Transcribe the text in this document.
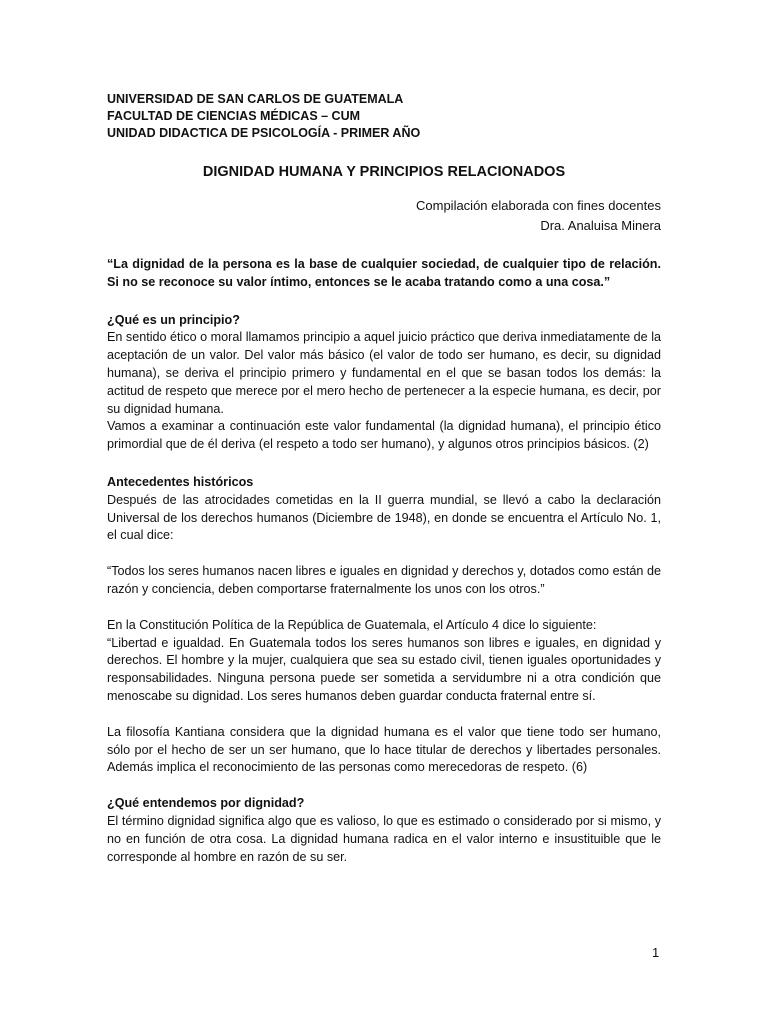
UNIVERSIDAD DE SAN CARLOS DE GUATEMALA

FACULTAD DE CIENCIAS MÉDICAS – CUM

UNIDAD DIDACTICA DE PSICOLOGÍA - PRIMER AÑO

DIGNIDAD HUMANA Y PRINCIPIOS RELACIONADOS

Compilación elaborada con fines docentes

Dra. Analuisa Minera

“La dignidad de la persona es la base de cualquier sociedad, de cualquier tipo de relación. Si no se reconoce su valor íntimo, entonces se le acaba tratando como a una cosa.”

¿Qué es un principio?

En sentido ético o moral llamamos principio a aquel juicio práctico que deriva inmediatamente de la aceptación de un valor. Del valor más básico (el valor de todo ser humano, es decir, su dignidad humana), se deriva el principio primero y fundamental en el que se basan todos los demás: la actitud de respeto que merece por el mero hecho de pertenecer a la especie humana, es decir, por su dignidad humana.

Vamos a examinar a continuación este valor fundamental (la dignidad humana), el principio ético primordial que de él deriva (el respeto a todo ser humano), y algunos otros principios básicos. (2)

Antecedentes históricos

Después de las atrocidades cometidas en la II guerra mundial, se llevó a cabo la declaración Universal de los derechos humanos (Diciembre de 1948), en donde se encuentra el Artículo No. 1, el cual dice:

“Todos los seres humanos nacen libres e iguales en dignidad y derechos y, dotados como están de razón y conciencia, deben comportarse fraternalmente los unos con los otros.”

En la Constitución Política de la República de Guatemala, el Artículo 4 dice lo siguiente:

“Libertad e igualdad. En Guatemala todos los seres humanos son libres e iguales, en dignidad y derechos. El hombre y la mujer, cualquiera que sea su estado civil, tienen iguales oportunidades y responsabilidades. Ninguna persona puede ser sometida a servidumbre ni a otra condición que menoscabe su dignidad. Los seres humanos deben guardar conducta fraternal entre sí.

La filosofía Kantiana considera que la dignidad humana es el valor que tiene todo ser humano, sólo por el hecho de ser un ser humano, que lo hace titular de derechos y libertades personales. Además implica el reconocimiento de las personas como merecedoras de respeto. (6)

¿Qué entendemos por dignidad?

El término dignidad significa algo que es valioso, lo que es estimado o considerado por si mismo, y no en función de otra cosa. La dignidad humana radica en el valor interno e insustituible que le corresponde al hombre en razón de su ser.

1
